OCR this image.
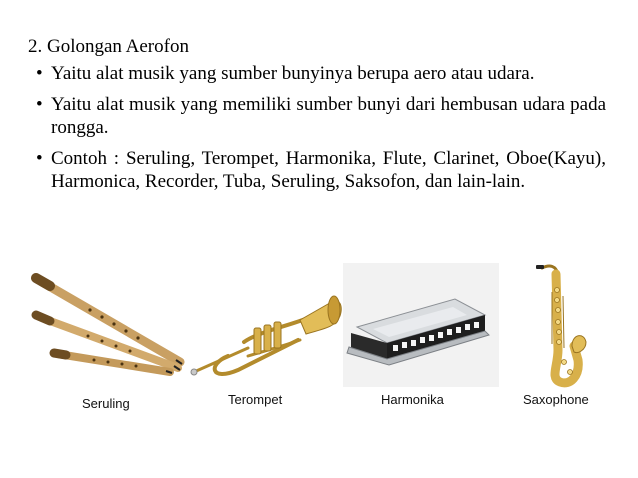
2. Golongan Aerofon
• Yaitu alat musik yang sumber bunyinya berupa aero atau udara.
• Yaitu alat musik yang memiliki sumber bunyi dari hembusan udara pada rongga.
• Contoh : Seruling, Terompet, Harmonika, Flute, Clarinet, Oboe(Kayu), Harmonica, Recorder, Tuba, Seruling, Saksofon, dan lain-lain.
Seruling	Terompet	Harmonika	Saxophone
